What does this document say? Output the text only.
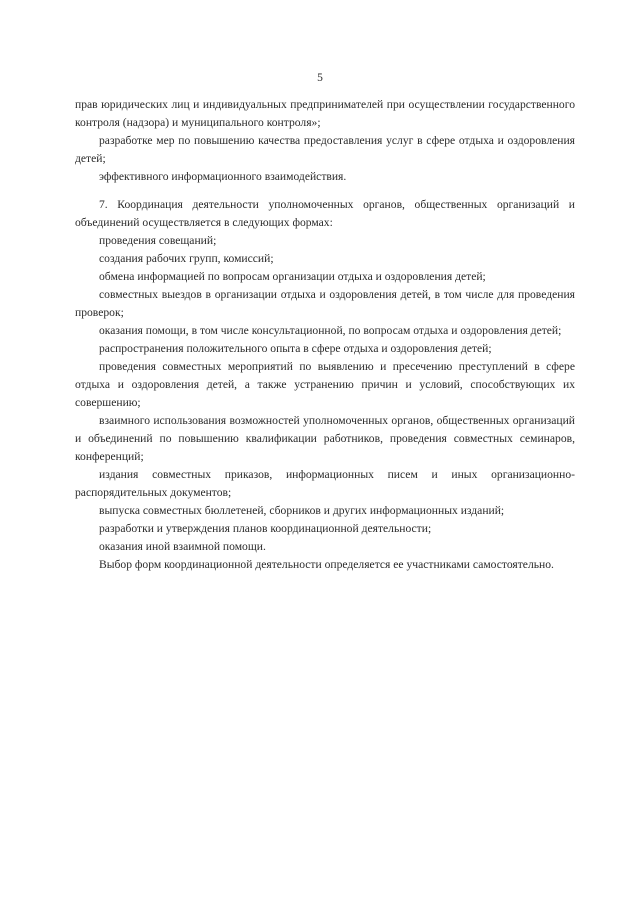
5

прав юридических лиц и индивидуальных предпринимателей при осуществлении государственного контроля (надзора) и муниципального контроля»;

разработке мер по повышению качества предоставления услуг в сфере отдыха и оздоровления детей;

эффективного информационного взаимодействия.

7. Координация деятельности уполномоченных органов, общественных организаций и объединений осуществляется в следующих формах:

проведения совещаний;

создания рабочих групп, комиссий;

обмена информацией по вопросам организации отдыха и оздоровления детей;

совместных выездов в организации отдыха и оздоровления детей, в том числе для проведения проверок;

оказания помощи, в том числе консультационной, по вопросам отдыха и оздоровления детей;

распространения положительного опыта в сфере отдыха и оздоровления детей;

проведения совместных мероприятий по выявлению и пресечению преступлений в сфере отдыха и оздоровления детей, а также устранению причин и условий, способствующих их совершению;

взаимного использования возможностей уполномоченных органов, общественных организаций и объединений по повышению квалификации работников, проведения совместных семинаров, конференций;

издания совместных приказов, информационных писем и иных организационно-распорядительных документов;

выпуска совместных бюллетеней, сборников и других информационных изданий;

разработки и утверждения планов координационной деятельности;

оказания иной взаимной помощи.

Выбор форм координационной деятельности определяется ее участниками самостоятельно.
